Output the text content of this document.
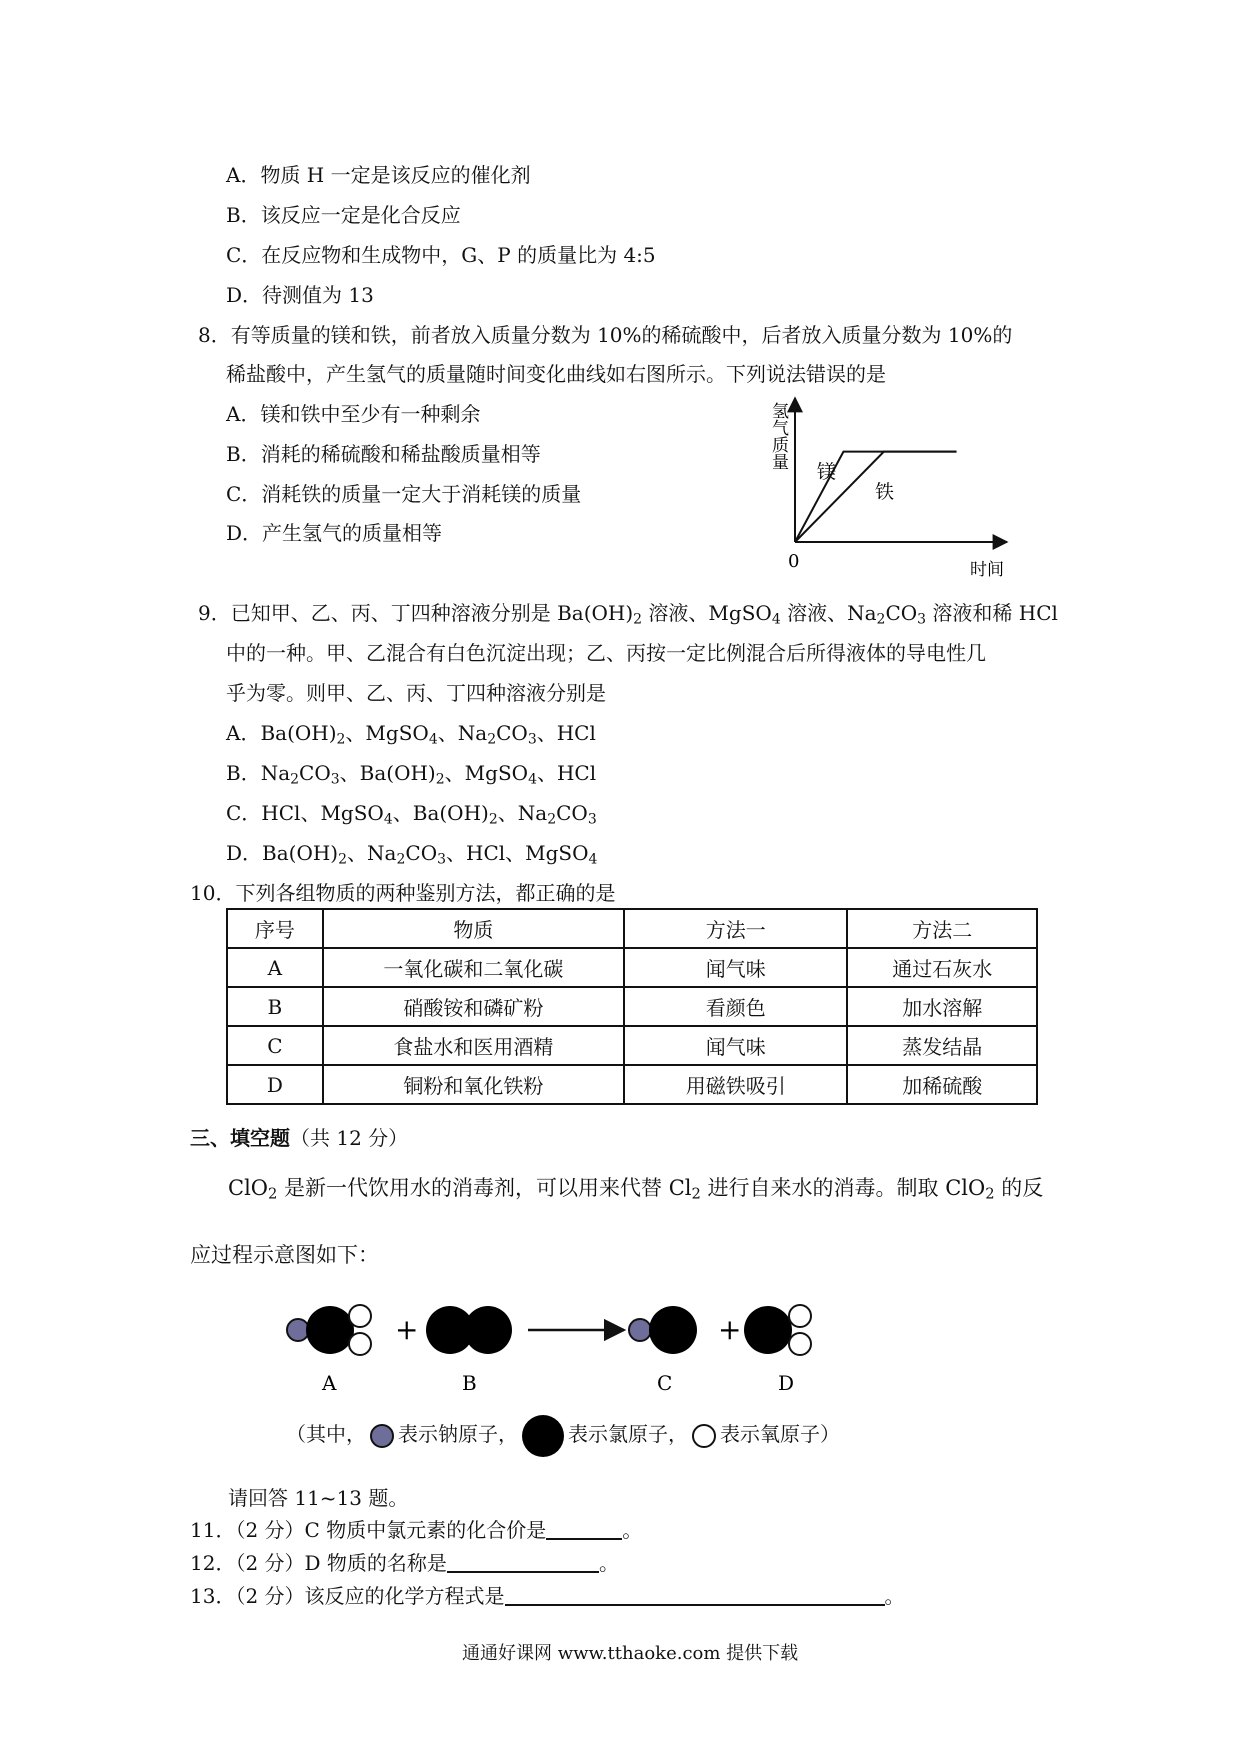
A．物质 H 一定是该反应的催化剂
B．该反应一定是化合反应
C．在反应物和生成物中，G、P 的质量比为 4:5
D．待测值为 13
8．有等质量的镁和铁，前者放入质量分数为 10%的稀硫酸中，后者放入质量分数为 10%的
稀盐酸中，产生氢气的质量随时间变化曲线如右图所示。下列说法错误的是
A．镁和铁中至少有一种剩余
B．消耗的稀硫酸和稀盐酸质量相等
C．消耗铁的质量一定大于消耗镁的质量
D．产生氢气的质量相等
氢气质量
0	时间
镁
铁
9．已知甲、乙、丙、丁四种溶液分别是 $Ba(OH)_2$ 溶液、MgSO$_4$ 溶液、$Na_2CO_3$ 溶液和稀 HCl
中的一种。甲、乙混合有白色沉淀出现；乙、丙按一定比例混合后所得液体的导电性几
乎为零。则甲、乙、丙、丁四种溶液分别是
A．$Ba(OH)_2$、MgSO$_4$、$Na_2CO_3$、HCl
B．$Na_2CO_3$、$Ba(OH)_2$、MgSO$_4$、HCl
C．HCl、MgSO$_4$、$Ba(OH)_2$、$Na_2CO_3$
D．$Ba(OH)_2$、$Na_2CO_3$、HCl、MgSO$_4$
10．下列各组物质的两种鉴别方法，都正确的是
序号	物质	方法一	方法二
A	一氧化碳和二氧化碳	闻气味	通过石灰水
B	硝酸铵和磷矿粉	看颜色	加水溶解
C	食盐水和医用酒精	闻气味	蒸发结晶
D	铜粉和氧化铁粉	用磁铁吸引	加稀硫酸
三、填空题（共 12 分）
ClO$_2$ 是新一代饮用水的消毒剂，可以用来代替 $Cl_2$ 进行自来水的消毒。制取 ClO$_2$ 的反
应过程示意图如下：
+	+
A	B	C	D
（其中， 表示钠原子，	表示氯原子， 表示氧原子）
请回答 11~13 题。
11．（2 分）C 物质中氯元素的化合价是	。
12．（2 分）D 物质的名称是	。
13．（2 分）该反应的化学方程式是	。
通通好课网 www.tthaoke.com 提供下载
